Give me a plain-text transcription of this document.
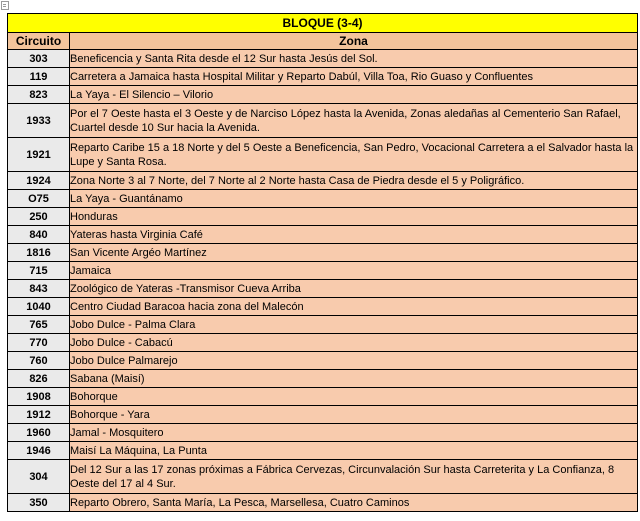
BLOQUE (3-4)	
Circuito	Zona
303	Beneficencia y Santa Rita desde el 12 Sur hasta Jesús del Sol.
119	Carretera a Jamaica hasta Hospital Militar y Reparto Dabúl, Villa Toa, Rio Guaso y Confluentes
823	La Yaya - El Silencio – Vilorio
1933	Por el 7 Oeste hasta el 3 Oeste y de Narciso López hasta la Avenida, Zonas aledañas al Cementerio San Rafael, Cuartel desde 10 Sur hacia la Avenida.
1921	Reparto Caribe 15 a 18 Norte y del 5 Oeste a Beneficencia, San Pedro, Vocacional Carretera a el Salvador hasta la Lupe y Santa Rosa.
1924	Zona Norte 3 al 7 Norte, del 7 Norte al 2 Norte hasta Casa de Piedra desde el 5 y Poligráfico.
O75	La Yaya - Guantánamo
250	Honduras
840	Yateras hasta Virginia Café
1816	San Vicente Argéo Martínez
715	Jamaica
843	Zoológico de Yateras -Transmisor Cueva Arriba
1040	Centro Ciudad Baracoa hacia zona del Malecón
765	Jobo Dulce - Palma Clara
770	Jobo Dulce - Cabacú
760	Jobo Dulce Palmarejo
826	Sabana (Maisí)
1908	Bohorque
1912	Bohorque - Yara
1960	Jamal - Mosquitero
1946	Maisí La Máquina, La Punta
304	Del 12 Sur a las 17 zonas próximas a Fábrica Cervezas, Circunvalación Sur hasta Carreterita y La Confianza, 8 Oeste del 17 al 4 Sur.
350	Reparto Obrero, Santa María, La Pesca, Marsellesa, Cuatro Caminos
